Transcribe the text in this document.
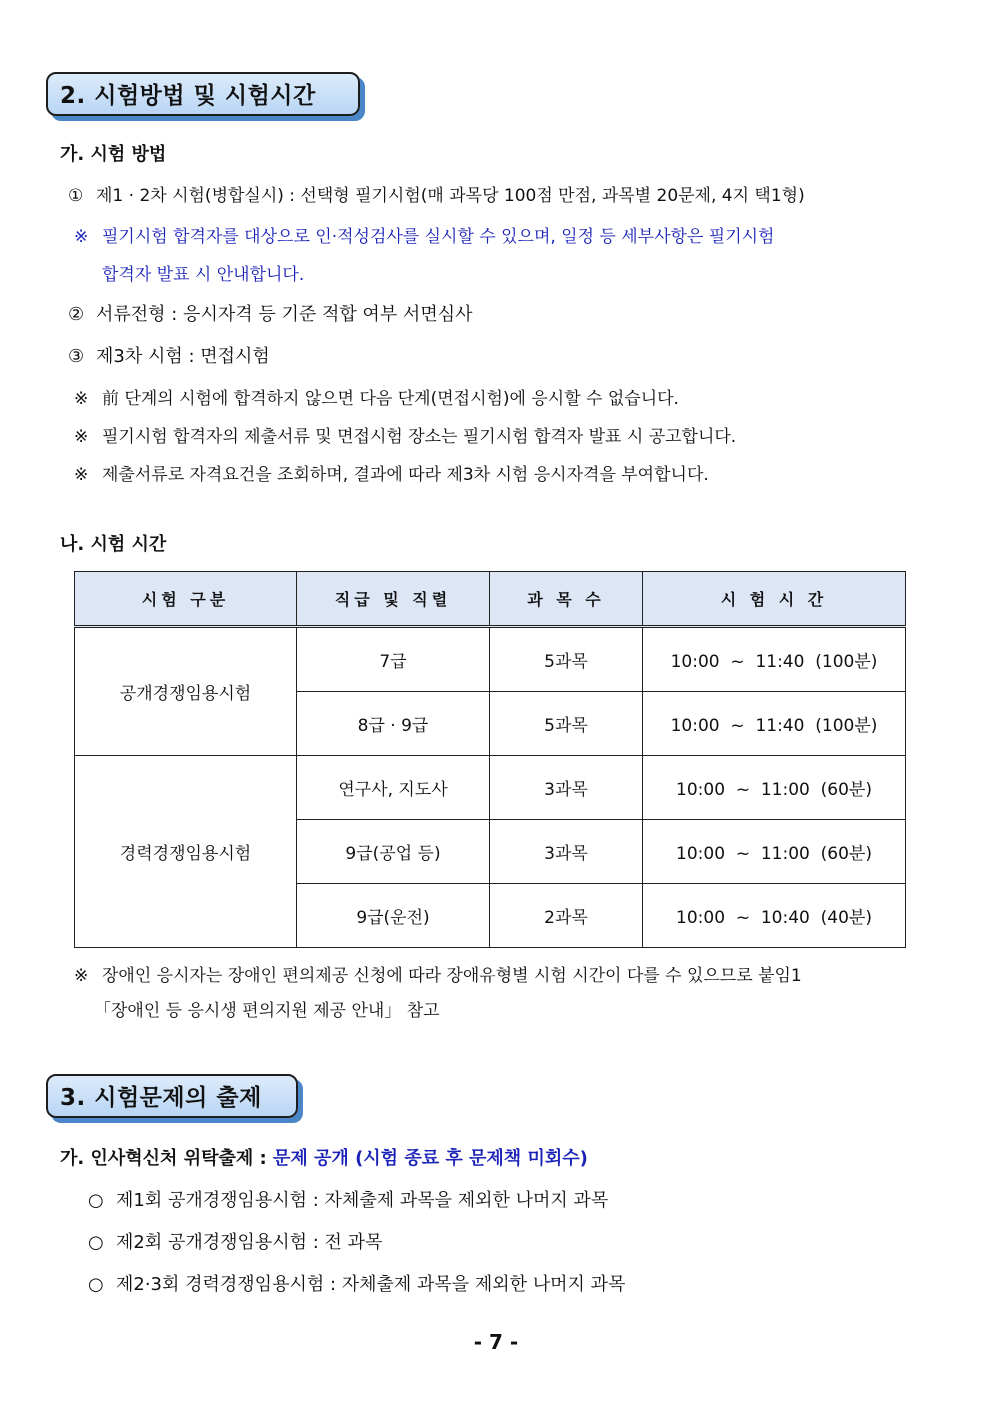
2. 시험방법 및 시험시간
가. 시험 방법
① 제1 · 2차 시험(병합실시) : 선택형 필기시험(매 과목당 100점 만점, 과목별 20문제, 4지 택1형)
※ 필기시험 합격자를 대상으로 인·적성검사를 실시할 수 있으며, 일정 등 세부사항은 필기시험
합격자 발표 시 안내합니다.
② 서류전형 : 응시자격 등 기준 적합 여부 서면심사
③ 제3차 시험 : 면접시험
※ 前 단계의 시험에 합격하지 않으면 다음 단계(면접시험)에 응시할 수 없습니다.
※ 필기시험 합격자의 제출서류 및 면접시험 장소는 필기시험 합격자 발표 시 공고합니다.
※ 제출서류로 자격요건을 조회하며, 결과에 따라 제3차 시험 응시자격을 부여합니다.
나. 시험 시간
시험 구분	직급 및 직렬	과 목 수	시 험 시 간
공개경쟁임용시험	7급	5과목	10:00  ~  11:40  (100분)
	8급 · 9급	5과목	10:00  ~  11:40  (100분)
경력경쟁임용시험	연구사, 지도사	3과목	10:00  ~  11:00  (60분)
	9급(공업 등)	3과목	10:00  ~  11:00  (60분)
	9급(운전)	2과목	10:00  ~  10:40  (40분)
※ 장애인 응시자는 장애인 편의제공 신청에 따라 장애유형별 시험 시간이 다를 수 있으므로 붙임1
「장애인 등 응시생 편의지원 제공 안내」 참고
3. 시험문제의 출제
가. 인사혁신처 위탁출제 : 문제 공개 (시험 종료 후 문제책 미회수)
○ 제1회 공개경쟁임용시험 : 자체출제 과목을 제외한 나머지 과목
○ 제2회 공개경쟁임용시험 : 전 과목
○ 제2·3회 경력경쟁임용시험 : 자체출제 과목을 제외한 나머지 과목
- 7 -
